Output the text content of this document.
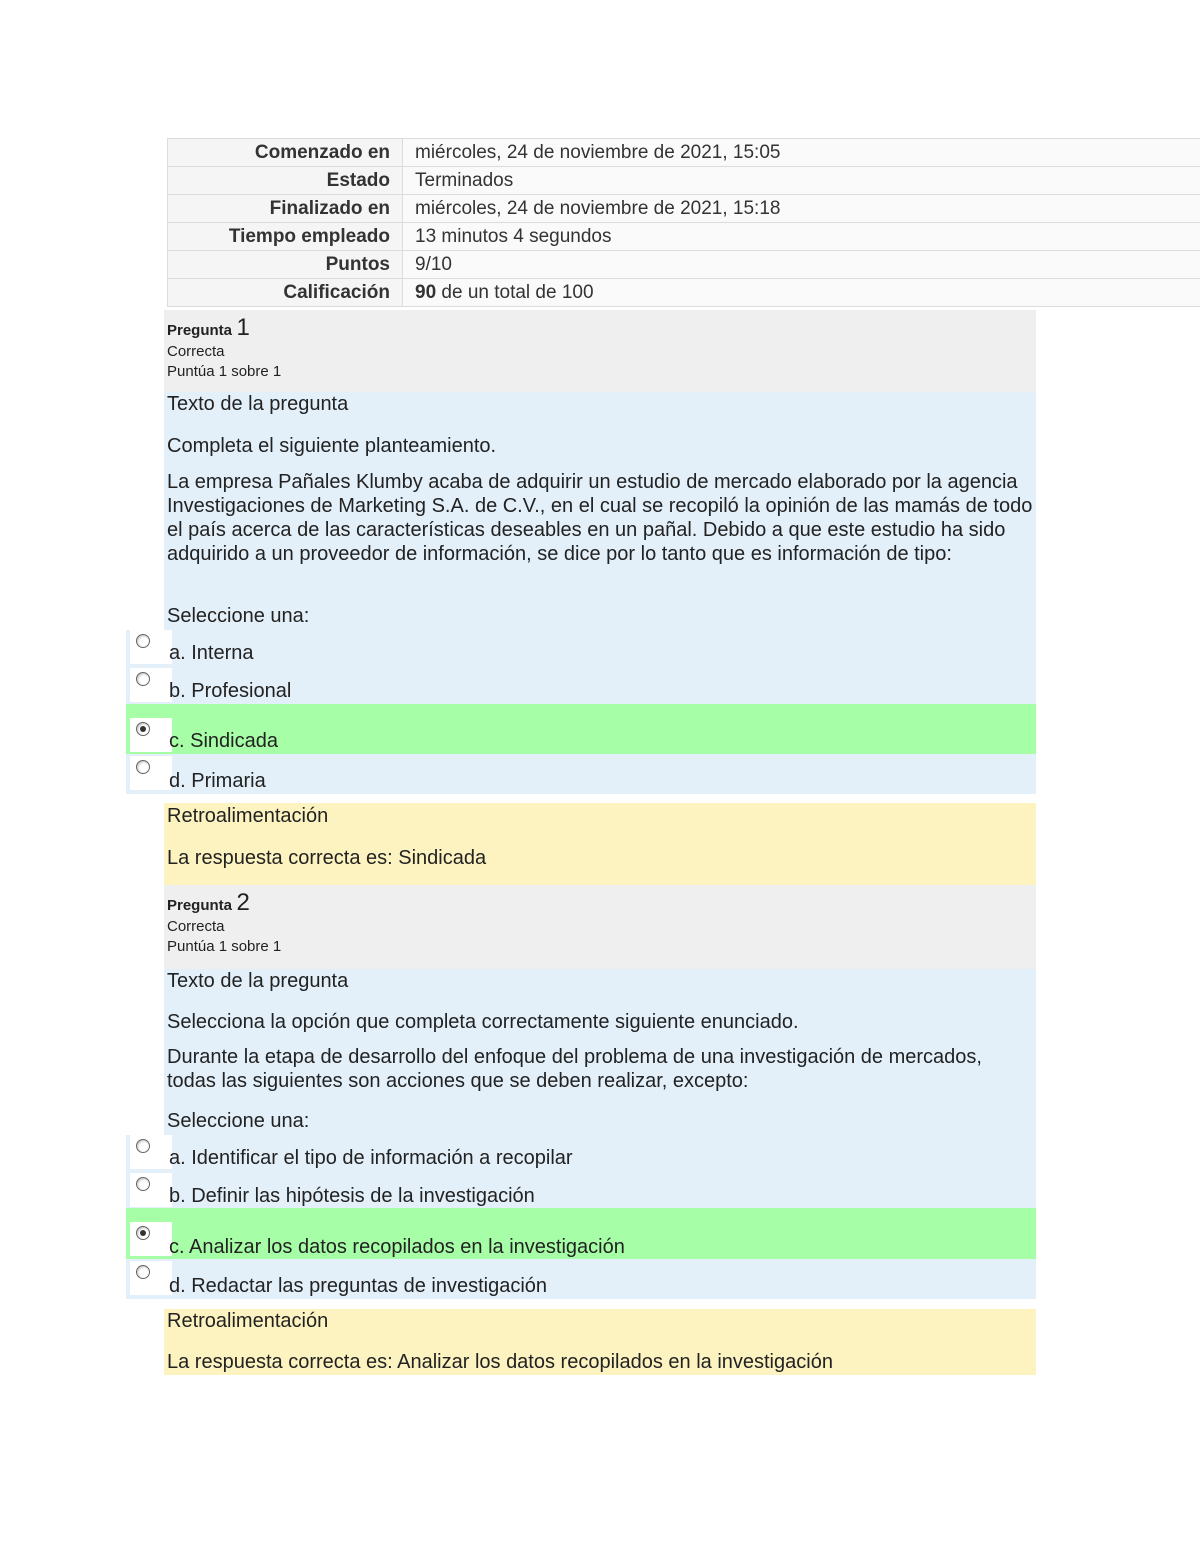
Comenzado en	miércoles, 24 de noviembre de 2021, 15:05
Estado	Terminados
Finalizado en	miércoles, 24 de noviembre de 2021, 15:18
Tiempo empleado	13 minutos 4 segundos
Puntos	9/10
Calificación	90 de un total de 100
Pregunta 1
Correcta
Puntúa 1 sobre 1

Texto de la pregunta

Completa el siguiente planteamiento.

La empresa Pañales Klumby acaba de adquirir un estudio de mercado elaborado por la agencia Investigaciones de Marketing S.A. de C.V., en el cual se recopiló la opinión de las mamás de todo el país acerca de las características deseables en un pañal. Debido a que este estudio ha sido adquirido a un proveedor de información, se dice por lo tanto que es información de tipo:

Seleccione una:

a. Interna
b. Profesional
c. Sindicada
d. Primaria

Retroalimentación

La respuesta correcta es: Sindicada

Pregunta 2
Correcta
Puntúa 1 sobre 1

Texto de la pregunta

Selecciona la opción que completa correctamente siguiente enunciado.

Durante la etapa de desarrollo del enfoque del problema de una investigación de mercados, todas las siguientes son acciones que se deben realizar, excepto:

Seleccione una:

a. Identificar el tipo de información a recopilar
b. Definir las hipótesis de la investigación
c. Analizar los datos recopilados en la investigación
d. Redactar las preguntas de investigación

Retroalimentación

La respuesta correcta es: Analizar los datos recopilados en la investigación
